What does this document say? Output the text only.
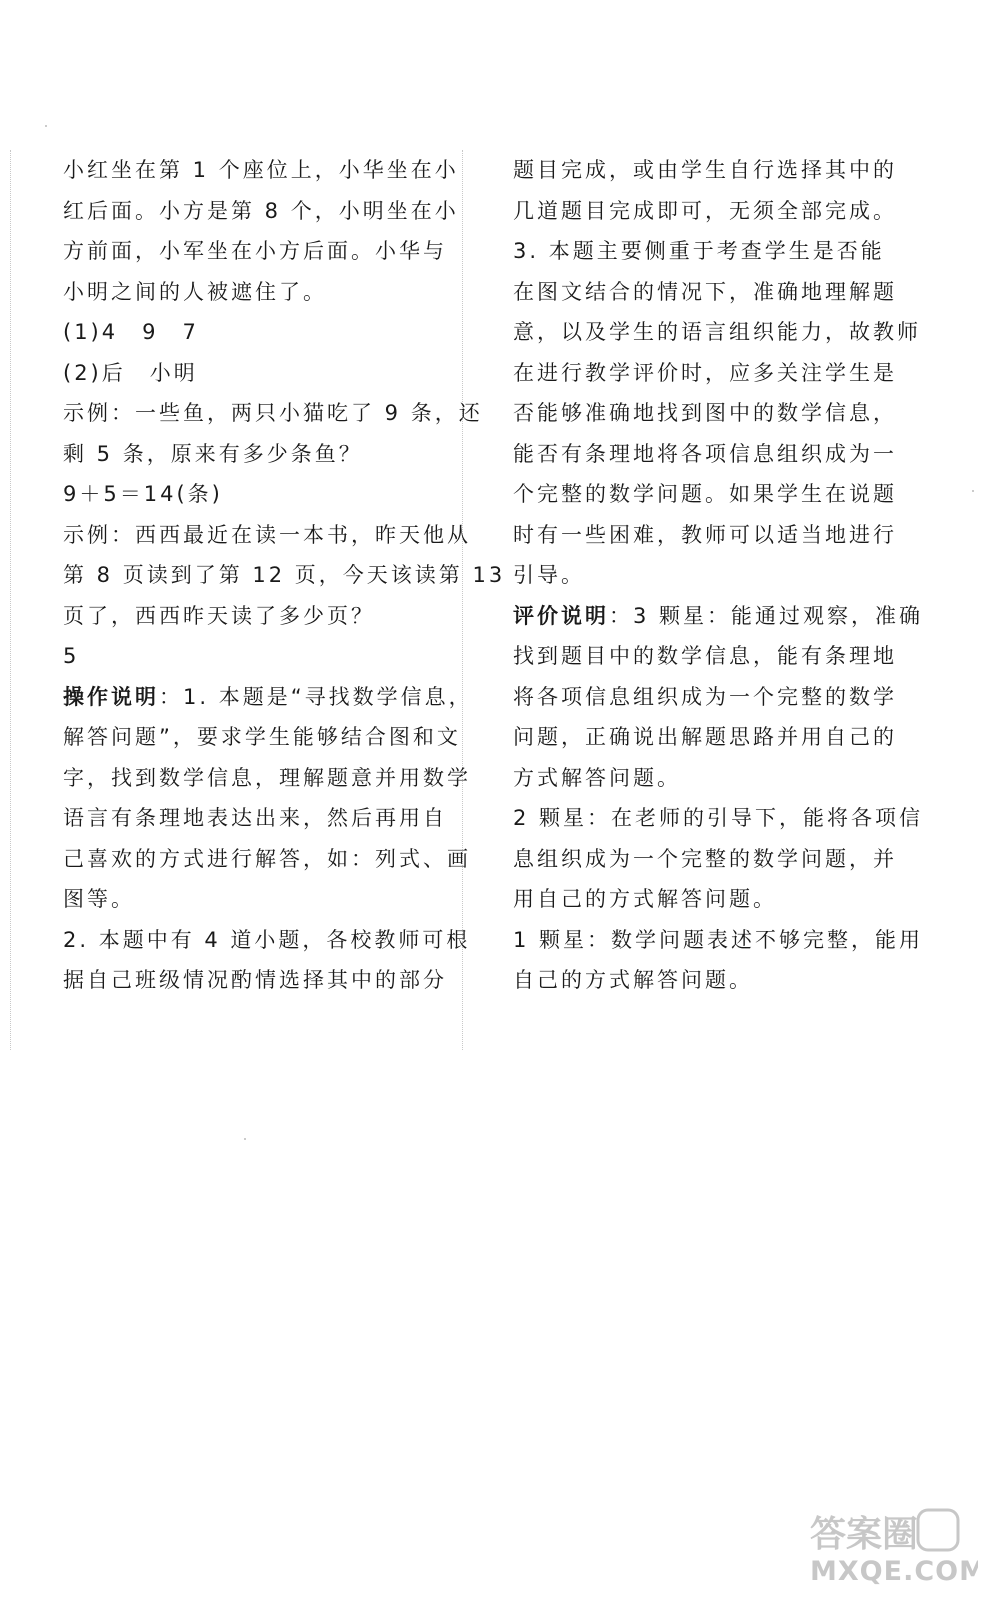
小红坐在第 1 个座位上，小华坐在小
红后面。小方是第 8 个，小明坐在小
方前面，小军坐在小方后面。小华与
小明之间的人被遮住了。
(1)4　9　7
(2)后　小明
示例：一些鱼，两只小猫吃了 9 条，还
剩 5 条，原来有多少条鱼？
9＋5＝14(条)
示例：西西最近在读一本书，昨天他从
第 8 页读到了第 12 页，今天该读第 13
页了，西西昨天读了多少页？
5
操作说明：1. 本题是“寻找数学信息，
解答问题”，要求学生能够结合图和文
字，找到数学信息，理解题意并用数学
语言有条理地表达出来，然后再用自
己喜欢的方式进行解答，如：列式、画
图等。
2. 本题中有 4 道小题，各校教师可根
据自己班级情况酌情选择其中的部分
题目完成，或由学生自行选择其中的
几道题目完成即可，无须全部完成。
3. 本题主要侧重于考查学生是否能
在图文结合的情况下，准确地理解题
意，以及学生的语言组织能力，故教师
在进行教学评价时，应多关注学生是
否能够准确地找到图中的数学信息，
能否有条理地将各项信息组织成为一
个完整的数学问题。如果学生在说题
时有一些困难，教师可以适当地进行
引导。
评价说明：3 颗星：能通过观察，准确
找到题目中的数学信息，能有条理地
将各项信息组织成为一个完整的数学
问题，正确说出解题思路并用自己的
方式解答问题。
2 颗星：在老师的引导下，能将各项信
息组织成为一个完整的数学问题，并
用自己的方式解答问题。
1 颗星：数学问题表述不够完整，能用
自己的方式解答问题。
答案圈
MXQE.COM
